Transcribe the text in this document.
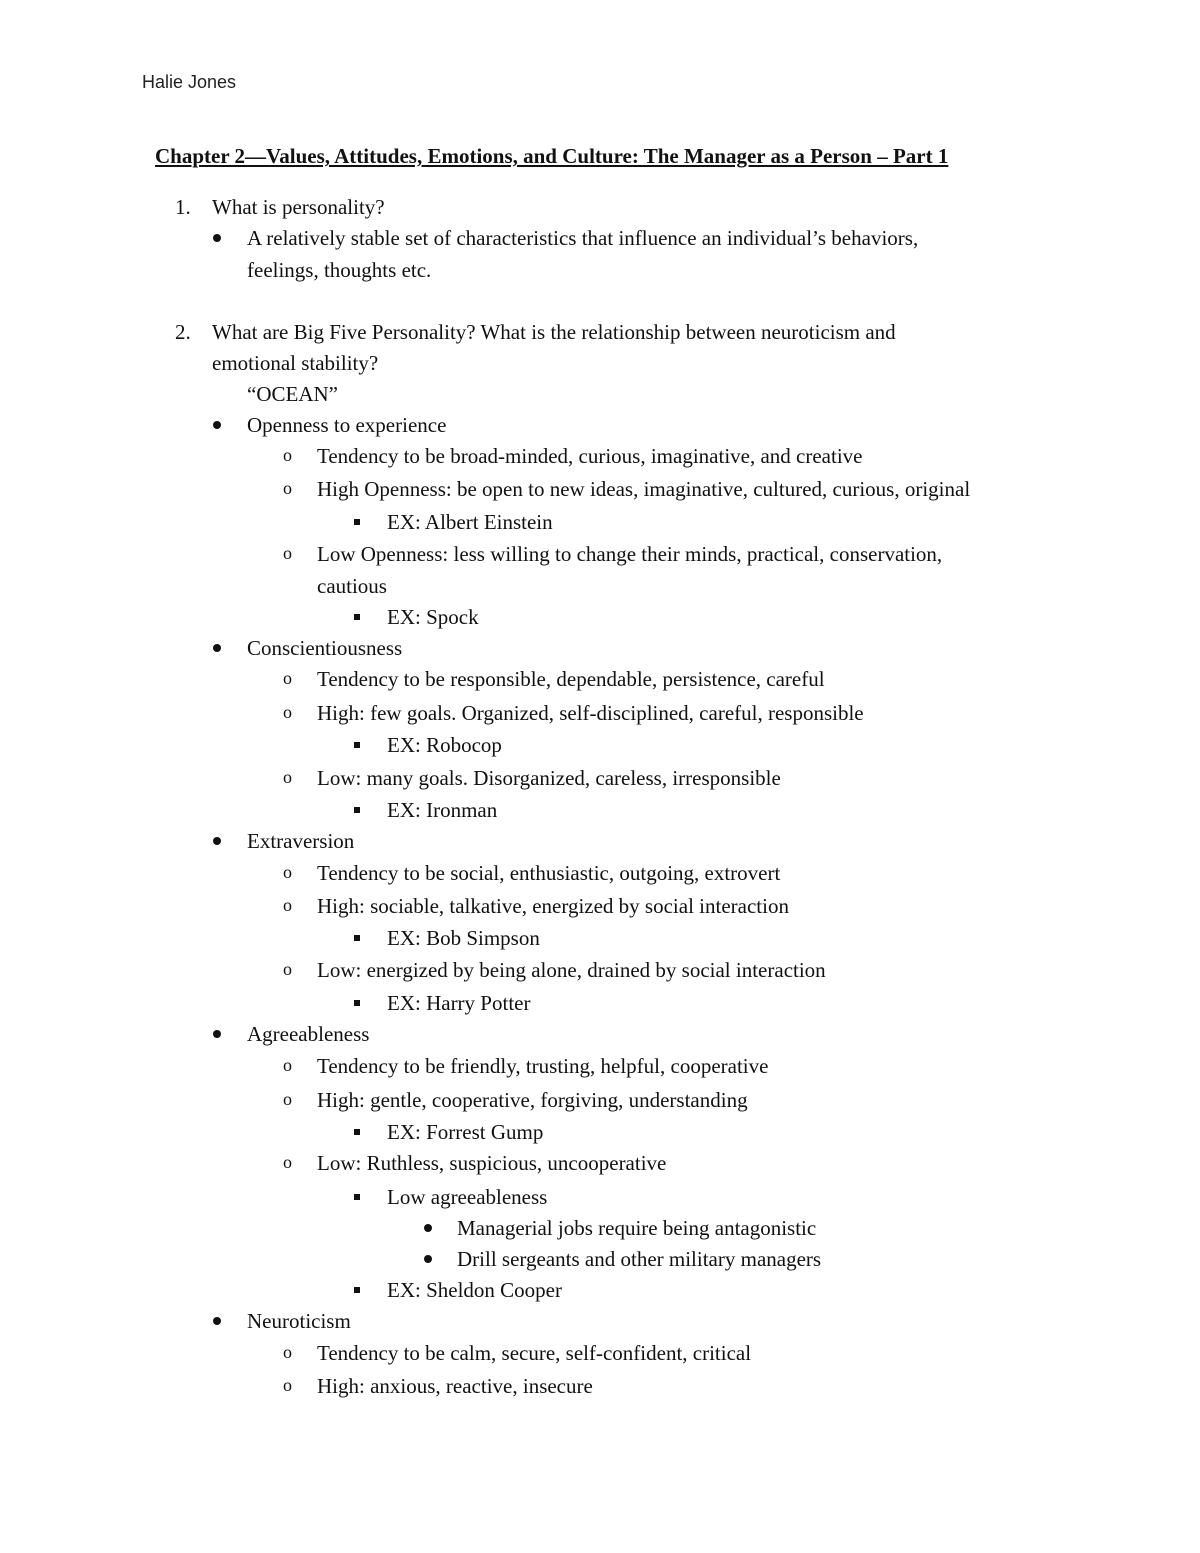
Halie Jones
Chapter 2—Values, Attitudes, Emotions, and Culture: The Manager as a Person – Part 1
1. What is personality?
A relatively stable set of characteristics that influence an individual’s behaviors,
feelings, thoughts etc.
2. What are Big Five Personality? What is the relationship between neuroticism and
emotional stability?
“OCEAN”
Openness to experience
o Tendency to be broad-minded, curious, imaginative, and creative
o High Openness: be open to new ideas, imaginative, cultured, curious, original
EX: Albert Einstein
o Low Openness: less willing to change their minds, practical, conservation,
cautious
EX: Spock
Conscientiousness
o Tendency to be responsible, dependable, persistence, careful
o High: few goals. Organized, self-disciplined, careful, responsible
EX: Robocop
o Low: many goals. Disorganized, careless, irresponsible
EX: Ironman
Extraversion
o Tendency to be social, enthusiastic, outgoing, extrovert
o High: sociable, talkative, energized by social interaction
EX: Bob Simpson
o Low: energized by being alone, drained by social interaction
EX: Harry Potter
Agreeableness
o Tendency to be friendly, trusting, helpful, cooperative
o High: gentle, cooperative, forgiving, understanding
EX: Forrest Gump
o Low: Ruthless, suspicious, uncooperative
Low agreeableness
Managerial jobs require being antagonistic
Drill sergeants and other military managers
EX: Sheldon Cooper
Neuroticism
o Tendency to be calm, secure, self-confident, critical
o High: anxious, reactive, insecure
